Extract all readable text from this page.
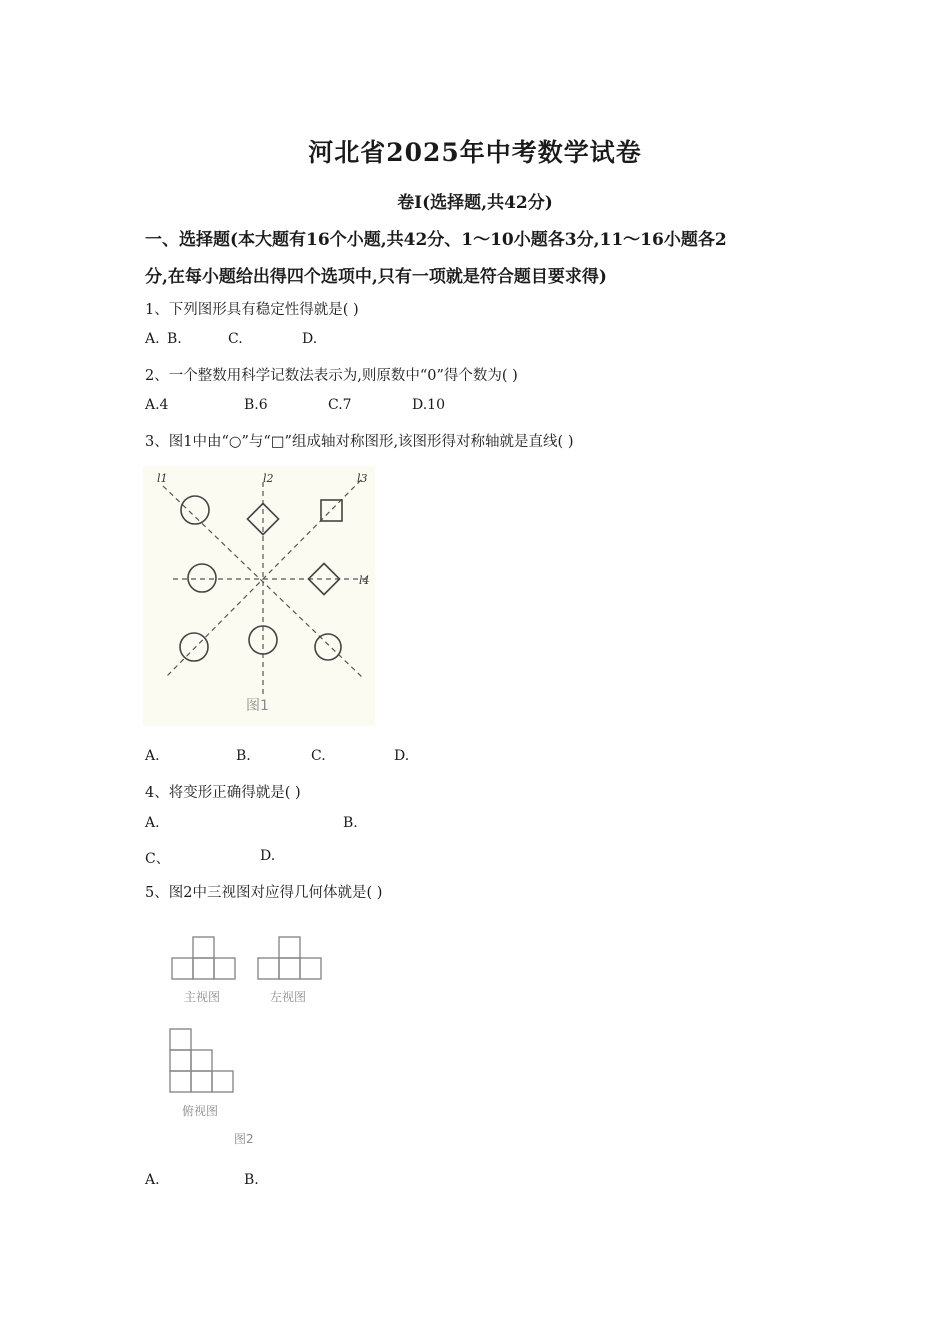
河北省2025年中考数学试卷
卷Ⅰ(选择题,共42分)
一、选择题(本大题有16个小题,共42分、1～10小题各3分,11～16小题各2
分,在每小题给出得四个选项中,只有一项就是符合题目要求得)
1、下列图形具有稳定性得就是( )
A. B.	C.	D.
2、一个整数用科学记数法表示为,则原数中“0”得个数为( )
A.4	B.6	C.7	D.10
3、图1中由“○”与“□”组成轴对称图形,该图形得对称轴就是直线( )
l1	l2	l3
l4
图1
A.	B.	C.	D.
4、将变形正确得就是( )
A.	B.
C、	D.
5、图2中三视图对应得几何体就是( )
主视图	左视图
俯视图
图2
A.	B.
